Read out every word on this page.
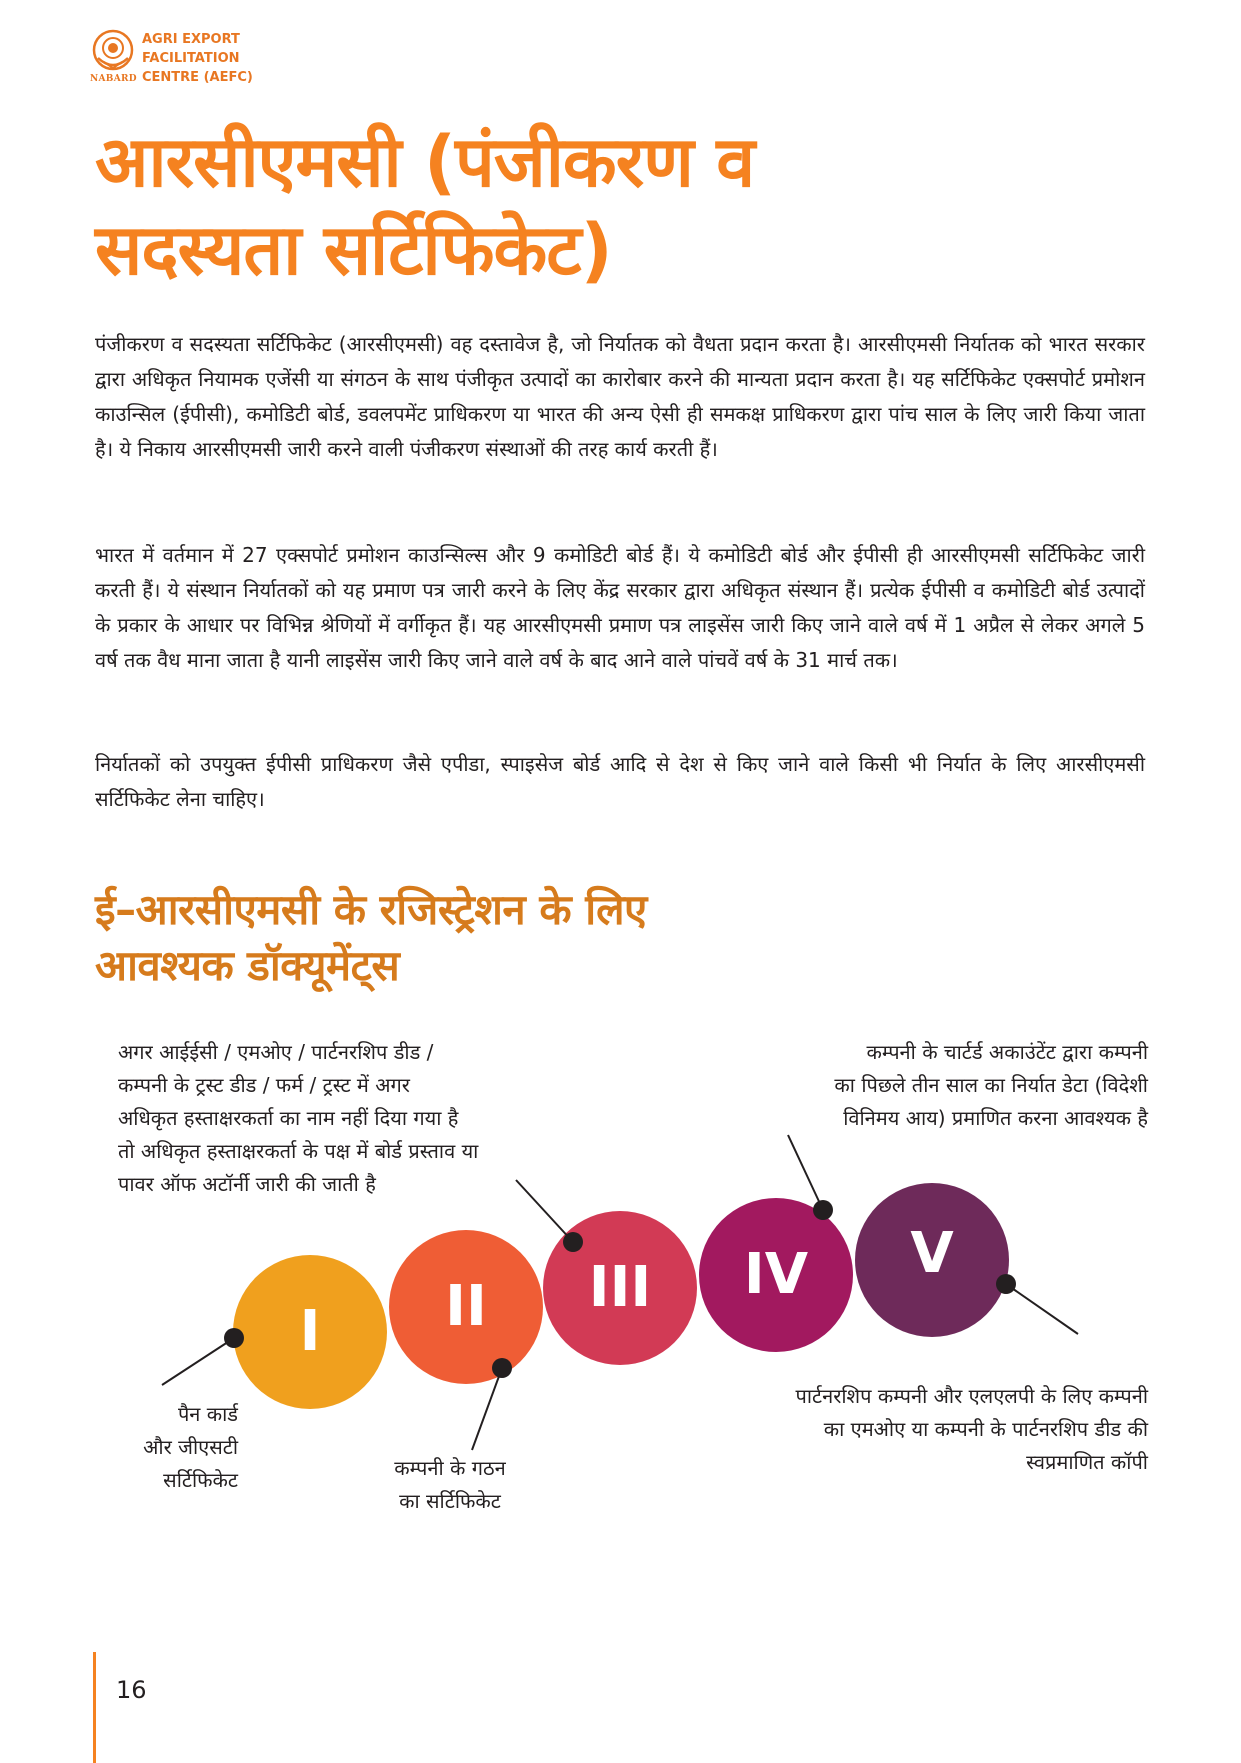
NABARD
AGRI EXPORT
FACILITATION
CENTRE (AEFC)
आरसीएमसी (पंजीकरण व
सदस्यता सर्टिफिकेट)

पंजीकरण व सदस्यता सर्टिफिकेट (आरसीएमसी) वह दस्तावेज है, जो निर्यातक को वैधता प्रदान करता है। आरसीएमसी निर्यातक को भारत सरकार द्वारा अधिकृत नियामक एजेंसी या संगठन के साथ पंजीकृत उत्पादों का कारोबार करने की मान्यता प्रदान करता है। यह सर्टिफिकेट एक्सपोर्ट प्रमोशन काउन्सिल (ईपीसी), कमोडिटी बोर्ड, डवलपमेंट प्राधिकरण या भारत की अन्य ऐसी ही समकक्ष प्राधिकरण द्वारा पांच साल के लिए जारी किया जाता है। ये निकाय आरसीएमसी जारी करने वाली पंजीकरण संस्थाओं की तरह कार्य करती हैं।

भारत में वर्तमान में 27 एक्सपोर्ट प्रमोशन काउन्सिल्स और 9 कमोडिटी बोर्ड हैं। ये कमोडिटी बोर्ड और ईपीसी ही आरसीएमसी सर्टिफिकेट जारी करती हैं। ये संस्थान निर्यातकों को यह प्रमाण पत्र जारी करने के लिए केंद्र सरकार द्वारा अधिकृत संस्थान हैं। प्रत्येक ईपीसी व कमोडिटी बोर्ड उत्पादों के प्रकार के आधार पर विभिन्न श्रेणियों में वर्गीकृत हैं। यह आरसीएमसी प्रमाण पत्र लाइसेंस जारी किए जाने वाले वर्ष में 1 अप्रैल से लेकर अगले 5 वर्ष तक वैध माना जाता है यानी लाइसेंस जारी किए जाने वाले वर्ष के बाद आने वाले पांचवें वर्ष के 31 मार्च तक।

निर्यातकों को उपयुक्त ईपीसी प्राधिकरण जैसे एपीडा, स्पाइसेज बोर्ड आदि से देश से किए जाने वाले किसी भी निर्यात के लिए आरसीएमसी सर्टिफिकेट लेना चाहिए।

ई–आरसीएमसी के रजिस्ट्रेशन के लिए
आवश्यक डॉक्यूमेंट्स
I	II	III	IV	V
अगर आईईसी / एमओए / पार्टनरशिप डीड /
कम्पनी के ट्रस्ट डीड / फर्म / ट्रस्ट में अगर
अधिकृत हस्ताक्षरकर्ता का नाम नहीं दिया गया है
तो अधिकृत हस्ताक्षरकर्ता के पक्ष में बोर्ड प्रस्ताव या
पावर ऑफ अटॉर्नी जारी की जाती है
कम्पनी के चार्टर्ड अकाउंटेंट द्वारा कम्पनी
का पिछले तीन साल का निर्यात डेटा (विदेशी
विनिमय आय) प्रमाणित करना आवश्यक है
पैन कार्ड
और जीएसटी
सर्टिफिकेट	कम्पनी के गठन
का सर्टिफिकेट
पार्टनरशिप कम्पनी और एलएलपी के लिए कम्पनी
का एमओए या कम्पनी के पार्टनरशिप डीड की
स्वप्रमाणित कॉपी
16
